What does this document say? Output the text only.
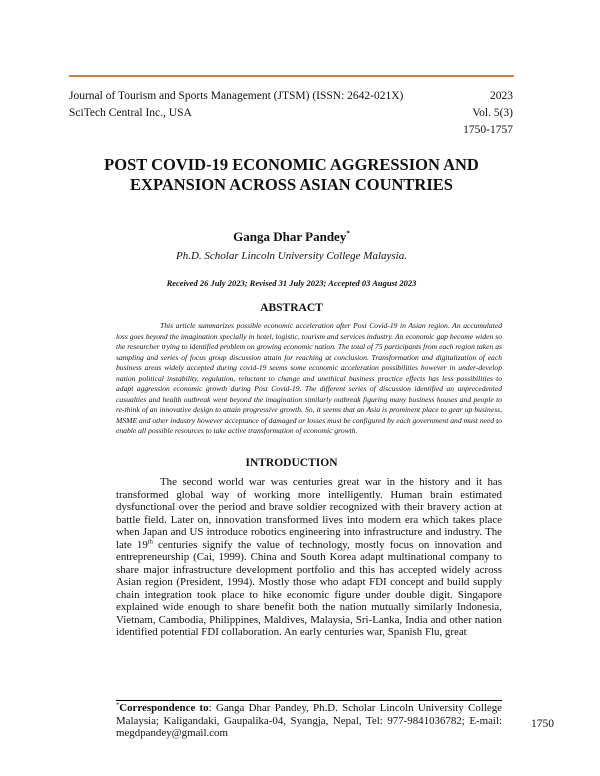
Journal of Tourism and Sports Management (JTSM) (ISSN: 2642-021X)
SciTech Central Inc., USA
2023
Vol. 5(3)
1750-1757
POST COVID-19 ECONOMIC AGGRESSION AND EXPANSION ACROSS ASIAN COUNTRIES
Ganga Dhar Pandey*
Ph.D. Scholar Lincoln University College Malaysia.
Received 26 July 2023; Revised 31 July 2023; Accepted 03 August 2023
ABSTRACT

This article summarizes possible economic acceleration after Post Covid-19 in Asian region. An accumulated loss goes beyond the imagination specially in hotel, logistic, tourism and services industry. An economic gap become widen so the researcher trying to identified problem on growing economic nation. The total of 75 participants from each region taken as sampling and series of focus group discussion attain for reaching at conclusion. Transformation and digitalization of each business areas widely accepted during covid-19 seems some economic acceleration possibilities however in under-develop nation political instability, regulation, reluctant to change and unethical business practice effects has less possibilities to adapt aggression economic growth during Post Covid-19. The different series of discussion identified an unprecedented casualties and health outbreak went beyond the imagination similarly outbreak figuring many business houses and people to re-think of an innovative design to attain progressive growth. So, it seems that an Asia is prominent place to gear up business, MSME and other industry however acceptance of damaged or losses must be configured by each government and must need to enable all possible resources to take active transformation of economic growth.

INTRODUCTION

The second world war was centuries great war in the history and it has transformed global way of working more intelligently. Human brain estimated dysfunctional over the period and brave soldier recognized with their bravery action at battle field. Later on, innovation transformed lives into modern era which takes place when Japan and US introduce robotics engineering into infrastructure and industry. The late 19th centuries signify the value of technology, mostly focus on innovation and entrepreneurship (Cai, 1999). China and South Korea adapt multinational company to share major infrastructure development portfolio and this has accepted widely across Asian region (President, 1994). Mostly those who adapt FDI concept and build supply chain integration took place to hike economic figure under double digit. Singapore explained wide enough to share benefit both the nation mutually similarly Indonesia, Vietnam, Cambodia, Philippines, Maldives, Malaysia, Sri-Lanka, India and other nation identified potential FDI collaboration. An early centuries war, Spanish Flu, great

*Correspondence to: Ganga Dhar Pandey, Ph.D. Scholar Lincoln University College Malaysia; Kaligandaki, Gaupalika-04, Syangja, Nepal, Tel: 977-9841036782; E-mail: megdpandey@gmail.com
1750
